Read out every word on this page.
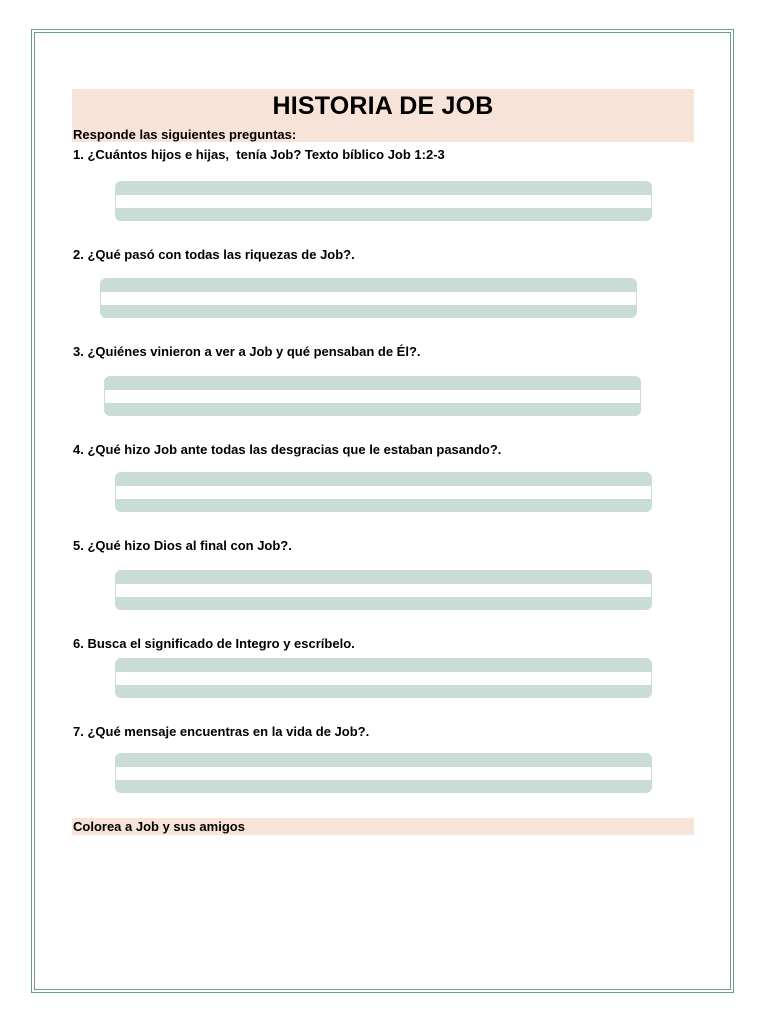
HISTORIA DE JOB
Responde las siguientes preguntas:
1. ¿Cuántos hijos e hijas,  tenía Job? Texto bíblico Job 1:2-3
2. ¿Qué pasó con todas las riquezas de Job?.
3. ¿Quiénes vinieron a ver a Job y qué pensaban de Él?.
4. ¿Qué hizo Job ante todas las desgracias que le estaban pasando?.
5. ¿Qué hizo Dios al final con Job?.
6. Busca el significado de Integro y escríbelo.
7. ¿Qué mensaje encuentras en la vida de Job?.
Colorea a Job y sus amigos
